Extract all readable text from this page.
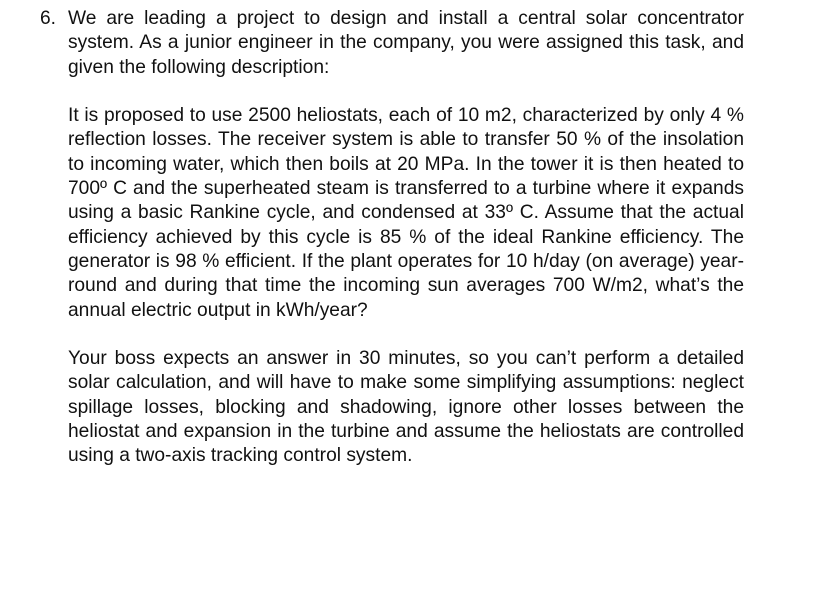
6. We are leading a project to design and install a central solar concentrator system. As a junior engineer in the company, you were assigned this task, and given the following description:

It is proposed to use 2500 heliostats, each of 10 m2, characterized by only 4 % reflection losses. The receiver system is able to transfer 50 % of the insolation to incoming water, which then boils at 20 MPa. In the tower it is then heated to 700º C and the superheated steam is transferred to a turbine where it expands using a basic Rankine cycle, and condensed at 33º C. Assume that the actual efficiency achieved by this cycle is 85 % of the ideal Rankine efficiency. The generator is 98 % efficient. If the plant operates for 10 h/day (on average) year-round and during that time the incoming sun averages 700 W/m2, what’s the annual electric output in kWh/year?

Your boss expects an answer in 30 minutes, so you can’t perform a detailed solar calculation, and will have to make some simplifying assumptions: neglect spillage losses, blocking and shadowing, ignore other losses between the heliostat and expansion in the turbine and assume the heliostats are controlled using a two-axis tracking control system.
